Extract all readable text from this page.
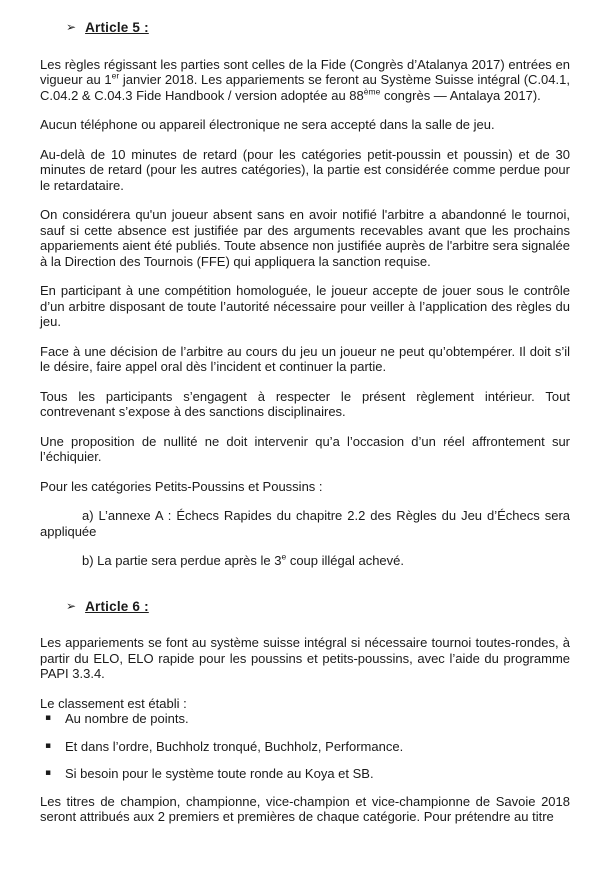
➢ Article 5 :

Les règles régissant les parties sont celles de la Fide (Congrès d’Atalanya 2017) entrées en vigueur au 1er janvier 2018. Les appariements se feront au Système Suisse intégral (C.04.1, C.04.2 & C.04.3 Fide Handbook / version adoptée au 88ème congrès — Antalaya 2017).

Aucun téléphone ou appareil électronique ne sera accepté dans la salle de jeu.

Au-delà de 10 minutes de retard (pour les catégories petit-poussin et poussin) et de 30 minutes de retard (pour les autres catégories), la partie est considérée comme perdue pour le retardataire.

On considérera qu'un joueur absent sans en avoir notifié l'arbitre a abandonné le tournoi, sauf si cette absence est justifiée par des arguments recevables avant que les prochains appariements aient été publiés. Toute absence non justifiée auprès de l'arbitre sera signalée à la Direction des Tournois (FFE) qui appliquera la sanction requise.

En participant à une compétition homologuée, le joueur accepte de jouer sous le contrôle d’un arbitre disposant de toute l’autorité nécessaire pour veiller à l’application des règles du jeu.

Face à une décision de l’arbitre au cours du jeu un joueur ne peut qu’obtempérer. Il doit s’il le désire, faire appel oral dès l’incident et continuer la partie.

Tous les participants s’engagent à respecter le présent règlement intérieur. Tout contrevenant s’expose à des sanctions disciplinaires.

Une proposition de nullité ne doit intervenir qu’a l’occasion d’un réel affrontement sur l’échiquier.

Pour les catégories Petits-Poussins et Poussins :

a) L’annexe A : Échecs Rapides du chapitre 2.2 des Règles du Jeu d’Échecs sera appliquée

b) La partie sera perdue après le 3e coup illégal achevé.

➢ Article 6 :

Les appariements se font au système suisse intégral si nécessaire tournoi toutes-rondes, à partir du ELO, ELO rapide pour les poussins et petits-poussins, avec l’aide du programme PAPI 3.3.4.

Le classement est établi :

▪ Au nombre de points.
▪ Et dans l’ordre, Buchholz tronqué, Buchholz, Performance.
▪ Si besoin pour le système toute ronde au Koya et SB.

Les titres de champion, championne, vice-champion et vice-championne de Savoie 2018 seront attribués aux 2 premiers et premières de chaque catégorie. Pour prétendre au titre
